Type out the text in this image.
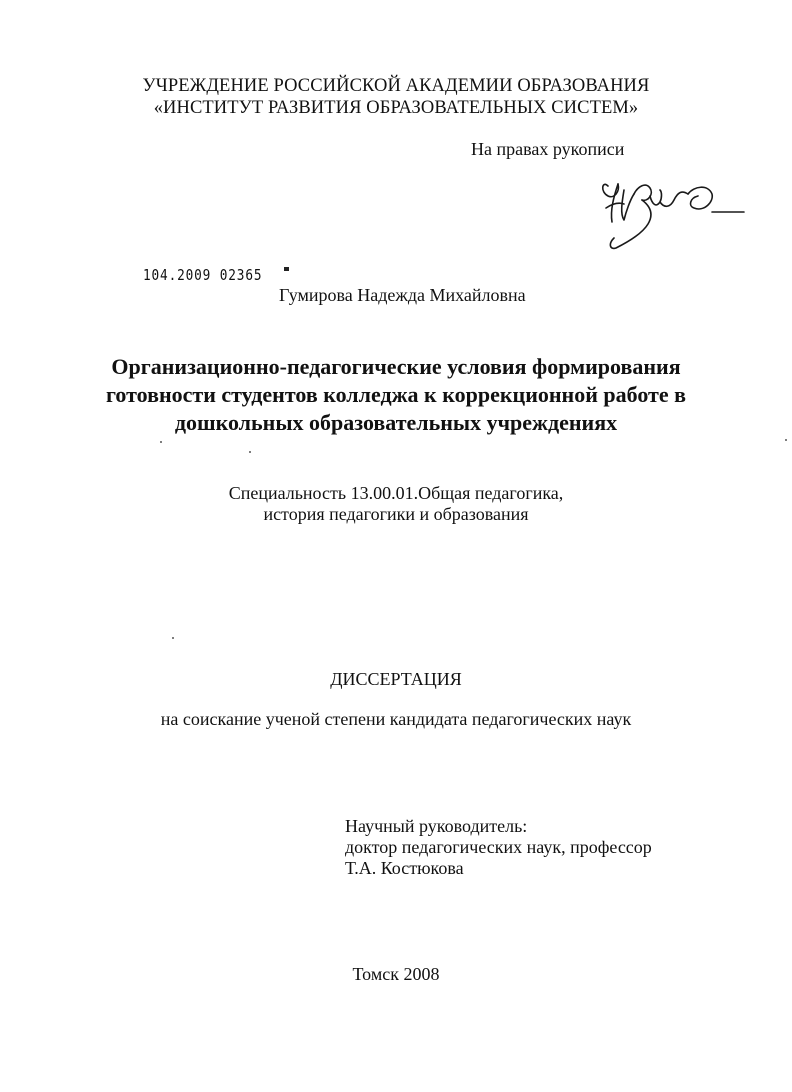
УЧРЕЖДЕНИЕ РОССИЙСКОЙ АКАДЕМИИ ОБРАЗОВАНИЯ
«ИНСТИТУТ РАЗВИТИЯ ОБРАЗОВАТЕЛЬНЫХ СИСТЕМ»
На правах рукописи
104.2009 02365
Гумирова Надежда Михайловна
Организационно-педагогические условия формирования
готовности студентов колледжа к коррекционной работе в
дошкольных образовательных учреждениях
Специальность 13.00.01.Общая педагогика,
история педагогики и образования
ДИССЕРТАЦИЯ
на соискание ученой степени кандидата педагогических наук
Научный руководитель:
доктор педагогических наук, профессор
Т.А. Костюкова
Томск 2008
